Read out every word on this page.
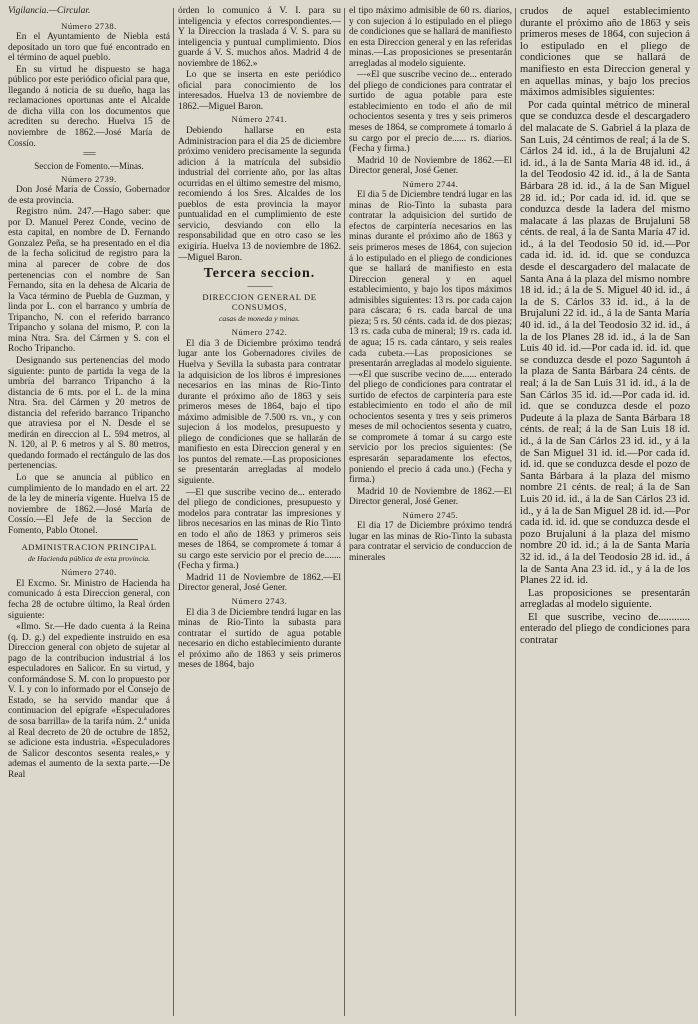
Vigilancia.—Circular.

Número 2738.

En el Ayuntamiento de Niebla está depositado un toro que fué encontrado en el término de aquel pueblo.

En su virtud he dispuesto se haga público por este periódico oficial para que, llegando á noticia de su dueño, haga las reclamaciones oportunas ante el Alcalde de dicha villa con los documentos que acrediten su derecho. Huelva 15 de noviembre de 1862.—José María de Cossío.

===

Seccion de Fomento.—Minas.

Número 2739.

Don José María de Cossío, Gobernador de esta provincia.

Registro núm. 247.—Hago saber: que por D. Manuel Perez Conde, vecino de esta capital, en nombre de D. Fernando Gonzalez Peña, se ha presentado en el dia de la fecha solicitud de registro para la mina al parecer de cobre de dos pertenencias con el nombre de San Fernando, sita en la dehesa de Alcaria de la Vaca término de Puebla de Guzman, y linda por L. con el barranco y umbría de Tripancho, N. con el referido barranco Tripancho y solana del mismo, P. con la mina Ntra. Sra. del Cármen y S. con el Rocho Tripancho.

Designando sus pertenencias del modo siguiente: punto de partida la vega de la umbría del barranco Tripancho á la distancia de 6 mts. por el L. de la mina Ntra. Sra. del Cármen y 20 metros de distancia del referido barranco Tripancho que atraviesa por el N. Desde el se medirán en direccion al L. 594 metros, al N. 120, al P. 6 metros y al S. 80 metros, quedando formado el rectángulo de las dos pertenencias.

Lo que se anuncia al público en cumplimiento de lo mandado en el art. 22 de la ley de minería vigente. Huelva 15 de noviembre de 1862.—José María de Cossío.—El Jefe de la Seccion de Fomento, Pablo Otonel.

ADMINISTRACION PRINCIPAL

de Hacienda pública de esta provincia.

Número 2740.

El Excmo. Sr. Ministro de Hacienda ha comunicado á esta Direccion general, con fecha 28 de octubre último, la Real órden siguiente:

«Ilmo. Sr.—He dado cuenta á la Reina (q. D. g.) del expediente instruido en esa Direccion general con objeto de sujetar al pago de la contribucion industrial á los especuladores en Salicor. En su virtud, y conformándose S. M. con lo propuesto por V. I. y con lo informado por el Consejo de Estado, se ha servido mandar que á continuacion del epígrafe «Especuladores de sosa barrilla» de la tarifa núm. 2.ª unida al Real decreto de 20 de octubre de 1852, se adicione esta industria. «Especuladores de Salicor descontos sesenta reales,» y ademas el aumento de la sexta parte.—De Real

órden lo comunico á V. I. para su inteligencia y efectos correspondientes.—Y la Direccion la traslada á V. S. para su inteligencia y puntual cumplimiento. Dios guarde á V. S. muchos años. Madrid 4 de noviembre de 1862.»

Lo que se inserta en este periódico oficial para conocimiento de los interesados. Huelva 13 de noviembre de 1862.—Miguel Baron.

Número 2741.

Debiendo hallarse en esta Administracion para el dia 25 de diciembre próximo venidero precisamente la segunda adicion á la matrícula del subsidio industrial del corriente año, por las altas ocurridas en el último semestre del mismo, recomiendo á los Sres. Alcaldes de los pueblos de esta provincia la mayor puntualidad en el cumplimiento de este servicio, desviando con ello la responsabilidad que en otro caso se les exigiría. Huelva 13 de noviembre de 1862.—Miguel Baron.

Tercera seccion.

———

DIRECCION GENERAL DE CONSUMOS,

casas de moneda y minas.

Número 2742.

El dia 3 de Diciembre próximo tendrá lugar ante los Gobernadores civiles de Huelva y Sevilla la subasta para contratar la adquisicion de los libros é impresiones necesarios en las minas de Rio-Tinto durante el próximo año de 1863 y seis primeros meses de 1864, bajo el tipo máximo admisible de 7.500 rs. vn., y con sujecion á los modelos, presupuesto y pliego de condiciones que se hallarán de manifiesto en esta Direccion general y en los puntos del remate.—Las proposiciones se presentarán arregladas al modelo siguiente.

—El que suscribe vecino de... enterado del pliego de condiciones, presupuesto y modelos para contratar las impresiones y libros necesarios en las minas de Rio Tinto en todo el año de 1863 y primeros seis meses de 1864, se compromete á tomar á su cargo este servicio por el precio de....... (Fecha y firma.)

Madrid 11 de Noviembre de 1862.—El Director general, José Gener.

Número 2743.

El dia 3 de Diciembre tendrá lugar en las minas de Rio-Tinto la subasta para contratar el surtido de agua potable necesario en dicho establecimiento durante el próximo año de 1863 y seis primeros meses de 1864, bajo

el tipo máximo admisible de 60 rs. diarios, y con sujecion á lo estipulado en el pliego de condiciones que se hallará de manifiesto en esta Direccion general y en las referidas minas.—Las proposiciones se presentarán arregladas al modelo siguiente.

—«El que suscribe vecino de... enterado del pliego de condiciones para contratar el surtido de agua potable para este establecimiento en todo el año de mil ochocientos sesenta y tres y seis primeros meses de 1864, se compromete á tomarlo á su cargo por el precio de...... rs. diarios. (Fecha y firma.)

Madrid 10 de Noviembre de 1862.—El Director general, José Gener.

Número 2744.

El dia 5 de Diciembre tendrá lugar en las minas de Rio-Tinto la subasta para contratar la adquisicion del surtido de efectos de carpintería necesarios en las minas durante el próximo año de 1863 y seis primeros meses de 1864, con sujecion á lo estipulado en el pliego de condiciones que se hallará de manifiesto en esta Direccion general y en aquel establecimiento, y bajo los tipos máximos admisibles siguientes: 13 rs. por cada cajon para cáscara; 6 rs. cada barcal de una pieza; 5 rs. 50 cénts. cada id. de dos piezas; 13 rs. cada cuba de mineral; 19 rs. cada id. de agua; 15 rs. cada cántaro, y seis reales cada cubeta.—Las proposiciones se presentarán arregladas al modelo siguiente.—«El que suscribe vecino de...... enterado del pliego de condiciones para contratar el surtido de efectos de carpintería para este establecimiento en todo el año de mil ochocientos sesenta y tres y seis primeros meses de mil ochocientos sesenta y cuatro, se compromete á tomar á su cargo este servicio por los precios siguientes: (Se espresarán separadamente los efectos, poniendo el precio á cada uno.) (Fecha y firma.)

Madrid 10 de Noviembre de 1862.—El Director general, José Gener.

Número 2745.

El dia 17 de Diciembre próximo tendrá lugar en las minas de Rio-Tinto la subasta para contratar el servicio de conduccion de minerales

crudos de aquel establecimiento durante el próximo año de 1863 y seis primeros meses de 1864, con sujecion á lo estipulado en el pliego de condiciones que se hallará de manifiesto en esta Direccion general y en aquellas minas, y bajo los precios máximos admisibles siguientes:

Por cada quintal métrico de mineral que se conduzca desde el descargadero del malacate de S. Gabriel á la plaza de San Luis, 24 céntimos de real; á la de S. Cárlos 24 id. id., á la de Brujaluni 42 id. id., á la de Santa María 48 id. id., á la del Teodosio 42 id. id., á la de Santa Bárbara 28 id. id., á la de San Miguel 28 id. id.; Por cada id. id. id. que se conduzca desde la ladera del mismo malacate á las plazas de Brujaluni 58 cénts. de real, á la de Santa María 47 id. id., á la del Teodosio 50 id. id.—Por cada id. id. id. id. que se conduzca desde el descargadero del malacate de Santa Ana á la plaza del mismo nombre 18 id. id.; á la de S. Miguel 40 id. id., á la de S. Cárlos 33 id. id., á la de Brujaluni 22 id. id., á la de Santa María 40 id. id., á la del Teodosio 32 id. id., á la de los Planes 28 id. id., á la de San Luis 40 id. id.—Por cada id. id. id. que se conduzca desde el pozo Saguntoh á la plaza de Santa Bárbara 24 cénts. de real; á la de San Luis 31 id. id., á la de San Cárlos 35 id. id.—Por cada id. id. id. que se conduzca desde el pozo Pudeute á la plaza de Santa Bárbara 18 cénts. de real; á la de San Luis 18 id. id., á la de San Cárlos 23 id. id., y á la de San Miguel 31 id. id.—Por cada id. id. id. que se conduzca desde el pozo de Santa Bárbara á la plaza del mismo nombre 21 cénts. de real; á la de San Luis 20 id. id., á la de San Cárlos 23 id. id., y á la de San Miguel 28 id. id.—Por cada id. id. id. que se conduzca desde el pozo Brujaluni á la plaza del mismo nombre 20 id. id.; á la de Santa María 32 id. id., á la del Teodosio 28 id. id., á la de Santa Ana 23 id. id., y á la de los Planes 22 id. id.

Las proposiciones se presentarán arregladas al modelo siguiente.

El que suscribe, vecino de............ enterado del pliego de condiciones para contratar
